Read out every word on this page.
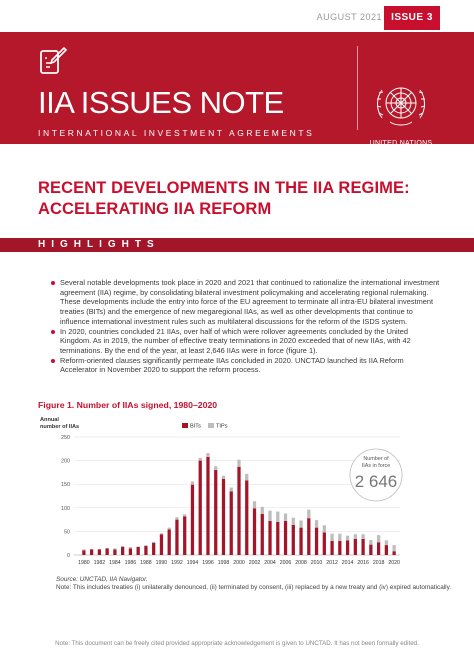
AUGUST 2021 ISSUE 3
IIA ISSUES NOTE
INTERNATIONAL INVESTMENT AGREEMENTS
UNITED NATIONS
UNCTAD
RECENT DEVELOPMENTS IN THE IIA REGIME:
ACCELERATING IIA REFORM
HIGHLIGHTS
Several notable developments took place in 2020 and 2021 that continued to rationalize the international investment agreement (IIA) regime, by consolidating bilateral investment policymaking and accelerating regional rulemaking. These developments include the entry into force of the EU agreement to terminate all intra-EU bilateral investment treaties (BITs) and the emergence of new megaregional IIAs, as well as other developments that continue to influence international investment rules such as multilateral discussions for the reform of the ISDS system.
In 2020, countries concluded 21 IIAs, over half of which were rollover agreements concluded by the United Kingdom. As in 2019, the number of effective treaty terminations in 2020 exceeded that of new IIAs, with 42 terminations. By the end of the year, at least 2,646 IIAs were in force (figure 1).
Reform-oriented clauses significantly permeate IIAs concluded in 2020. UNCTAD launched its IIA Reform Accelerator in November 2020 to support the reform process.
Figure 1. Number of IIAs signed, 1980–2020
Annual
number of IIAs
0
50
100
150
200
250
BITs	TIPs
1980 1982 1984 1986 1988 1990 1992 1994 1996 1998 2000 2002 2004 2006 2008 2010 2012 2014 2016 2018 2020
Number of
IIAs in force
2 646
Source: UNCTAD, IIA Navigator.
Note: This includes treaties (i) unilaterally denounced, (ii) terminated by consent, (iii) replaced by a new treaty and (iv) expired automatically.
Note: This document can be freely cited provided appropriate acknowledgement is given to UNCTAD. It has not been formally edited.
